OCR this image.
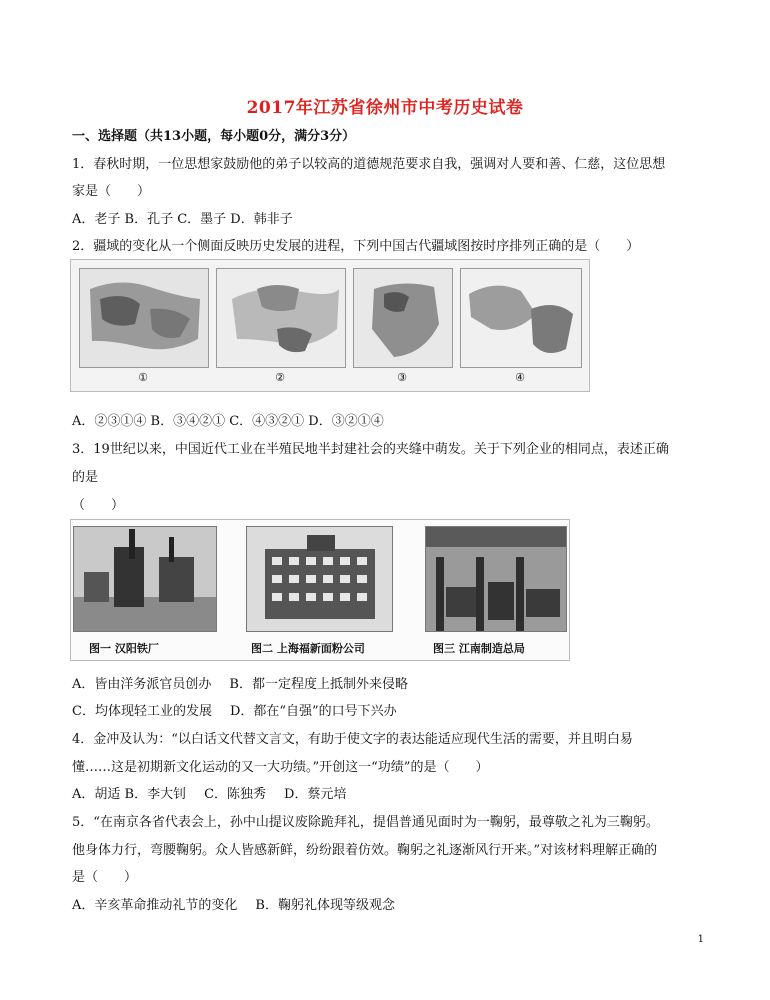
2017年江苏省徐州市中考历史试卷
一、选择题（共13小题，每小题0分，满分3分）
1．春秋时期，一位思想家鼓励他的弟子以较高的道德规范要求自我，强调对人要和善、仁慈，这位思想
家是（　　）
A．老子 B．孔子 C．墨子 D．韩非子
2．疆域的变化从一个侧面反映历史发展的进程，下列中国古代疆域图按时序排列正确的是（　　）
①	②	③	④
A．②③①④ B．③④②① C．④③②① D．③②①④
3．19世纪以来，中国近代工业在半殖民地半封建社会的夹缝中萌发。关于下列企业的相同点，表述正确
的是
（　　）
图一 汉阳铁厂	图二 上海福新面粉公司	图三 江南制造总局
A．皆由洋务派官员创办 B．都一定程度上抵制外来侵略
C．均体现轻工业的发展 D．都在“自强”的口号下兴办
4．金冲及认为：“以白话文代替文言文，有助于使文字的表达能适应现代生活的需要，并且明白易
懂……这是初期新文化运动的又一大功绩。”开创这一“功绩”的是（　　）
A．胡适 B．李大钊 C．陈独秀 D．蔡元培
5．“在南京各省代表会上，孙中山提议废除跪拜礼，提倡普通见面时为一鞠躬，最尊敬之礼为三鞠躬。
他身体力行，弯腰鞠躬。众人皆感新鲜，纷纷跟着仿效。鞠躬之礼逐渐风行开来。”对该材料理解正确的
是（　　）
A．辛亥革命推动礼节的变化 B．鞠躬礼体现等级观念
1
